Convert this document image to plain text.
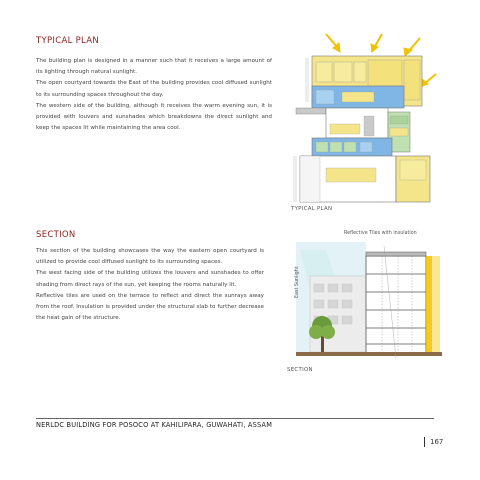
TYPICAL PLAN

The building plan is designed in a manner such that it receives a large amount of its lighting through natural sunlight.

The open courtyard towards the East of the building provides cool diffused sunlight to its surrounding spaces throughout the day.

The western side of the building, although it receives the warm evening sun, it is provided with louvers and sunshades which breakdowns the direct sunlight and keep the spaces lit while maintaining the area cool.

TYPICAL PLAN
SECTION

This section of the building showcases the way the eastern open courtyard is utilized to provide cool diffused sunlight to its surrounding spaces.

The west facing side of the building utilizes the louvers and sunshades to offer shading from direct rays of the sun, yet keeping the rooms naturally lit.

Reflective tiles are used on the terrace to reflect and direct the sunrays away from the roof. Insulation is provided under the structural slab to further decrease the heat gain of the structure.

Reflective Tiles with insulation
East Sunlight
SECTION
NERLDC BUILDING FOR POSOCO AT KAHILIPARA, GUWAHATI, ASSAM
167
